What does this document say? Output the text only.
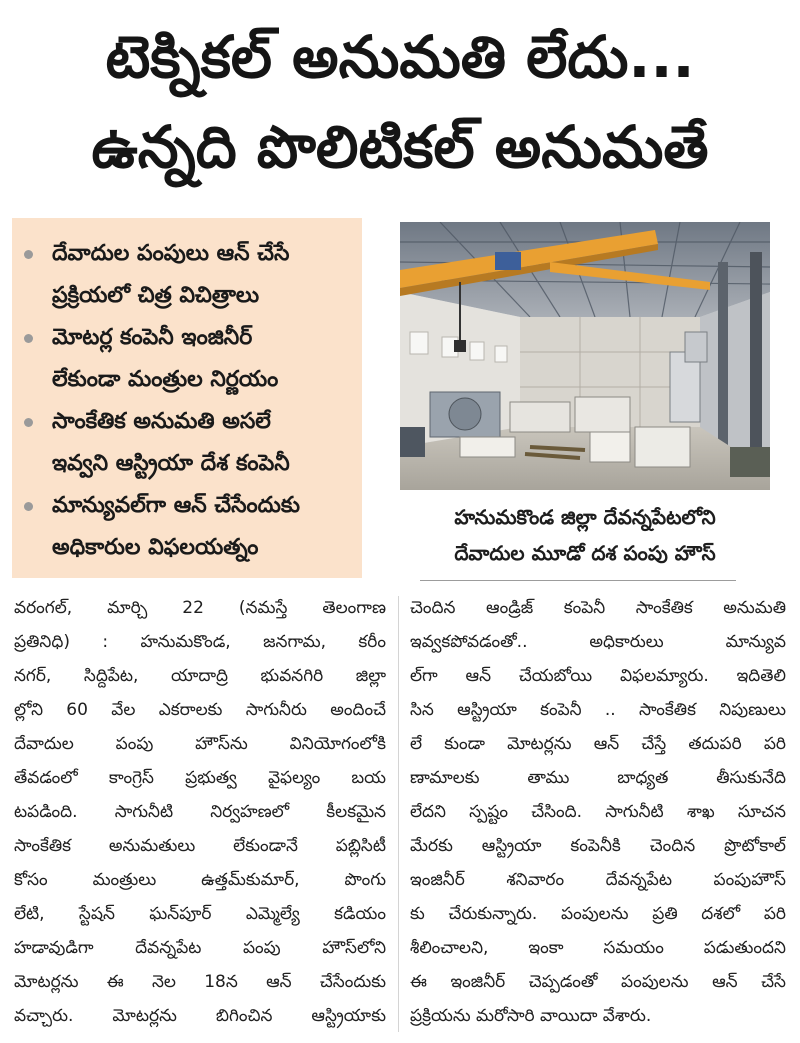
టెక్నికల్ అనుమతి లేదు...
ఉన్నది పొలిటికల్ అనుమతే
దేవాదుల పంపులు ఆన్ చేసే
ప్రక్రియలో చిత్ర విచిత్రాలు
మోటర్ల కంపెనీ ఇంజినీర్
లేకుండా మంత్రుల నిర్ణయం
సాంకేతిక అనుమతి అసలే
ఇవ్వని ఆస్ట్రియా దేశ కంపెనీ
మాన్యువల్‌గా ఆన్ చేసేందుకు
అధికారుల విఫలయత్నం
హనుమకొండ జిల్లా దేవన్నపేటలోని
దేవాదుల మూడో దశ పంపు హౌస్
వరంగల్, మార్చి 22 (నమస్తే తెలంగాణ
ప్రతినిధి) : హనుమకొండ, జనగామ, కరీం
నగర్, సిద్దిపేట, యాదాద్రి భువనగిరి జిల్లా
ల్లోని 60 వేల ఎకరాలకు సాగునీరు అందించే
దేవాదుల పంపు హౌస్‌ను వినియోగంలోకి
తేవడంలో కాంగ్రెస్ ప్రభుత్వ వైఫల్యం బయ
టపడింది. సాగునీటి నిర్వహణలో కీలకమైన
సాంకేతిక అనుమతులు లేకుండానే పబ్లిసిటీ
కోసం మంత్రులు ఉత్తమ్‌కుమార్, పొంగు
లేటి, స్టేషన్ ఘన్‌పూర్ ఎమ్మెల్యే కడియం
హడావుడిగా దేవన్నపేట పంపు హౌస్‌లోని
మోటర్లను ఈ నెల 18న ఆన్ చేసేందుకు
వచ్చారు. మోటర్లను బిగించిన ఆస్ట్రియాకు
చెందిన ఆండ్రిజ్ కంపెనీ సాంకేతిక అనుమతి
ఇవ్వకపోవడంతో.. అధికారులు మాన్యువ
ల్‌గా ఆన్ చేయబోయి విఫలమ్యారు. ఇదితెలి
సిన ఆస్ట్రియా కంపెనీ .. సాంకేతిక నిపుణులు
లే కుండా మోటర్లను ఆన్ చేస్తే తదుపరి పరి
ణామాలకు తాము బాధ్యత తీసుకునేది
లేదని స్పష్టం చేసింది. సాగునీటి శాఖ సూచన
మేరకు ఆస్ట్రియా కంపెనీకి చెందిన ప్రొటోకాల్
ఇంజినీర్ శనివారం దేవన్నపేట పంపుహౌస్
కు చేరుకున్నారు. పంపులను ప్రతి దశలో పరి
శీలించాలని, ఇంకా సమయం పడుతుందని
ఈ ఇంజినీర్ చెప్పడంతో పంపులను ఆన్ చేసే
ప్రక్రియను మరోసారి వాయిదా వేశారు.
